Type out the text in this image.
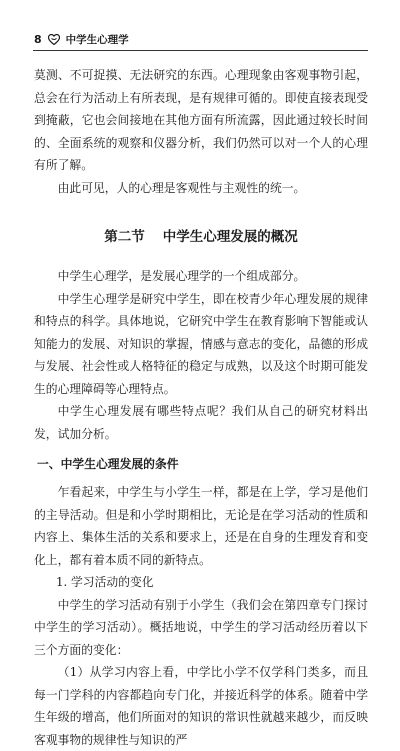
8 中学生心理学

莫测、不可捉摸、无法研究的东西。心理现象由客观事物引起，总会在行为活动上有所表现，是有规律可循的。即使直接表现受到掩蔽，它也会间接地在其他方面有所流露，因此通过较长时间的、全面系统的观察和仪器分析，我们仍然可以对一个人的心理有所了解。

由此可见，人的心理是客观性与主观性的统一。

第二节 中学生心理发展的概况

中学生心理学，是发展心理学的一个组成部分。

中学生心理学是研究中学生，即在校青少年心理发展的规律和特点的科学。具体地说，它研究中学生在教育影响下智能或认知能力的发展、对知识的掌握，情感与意志的变化，品德的形成与发展、社会性或人格特征的稳定与成熟，以及这个时期可能发生的心理障碍等心理特点。

中学生心理发展有哪些特点呢？我们从自己的研究材料出发，试加分析。

一、中学生心理发展的条件

乍看起来，中学生与小学生一样，都是在上学，学习是他们的主导活动。但是和小学时期相比，无论是在学习活动的性质和内容上、集体生活的关系和要求上，还是在自身的生理发育和变化上，都有着本质不同的新特点。

1. 学习活动的变化

中学生的学习活动有别于小学生（我们会在第四章专门探讨中学生的学习活动）。概括地说，中学生的学习活动经历着以下三个方面的变化：

（1）从学习内容上看，中学比小学不仅学科门类多，而且每一门学科的内容都趋向专门化，并接近科学的体系。随着中学生年级的增高，他们所面对的知识的常识性就越来越少，而反映客观事物的规律性与知识的严
